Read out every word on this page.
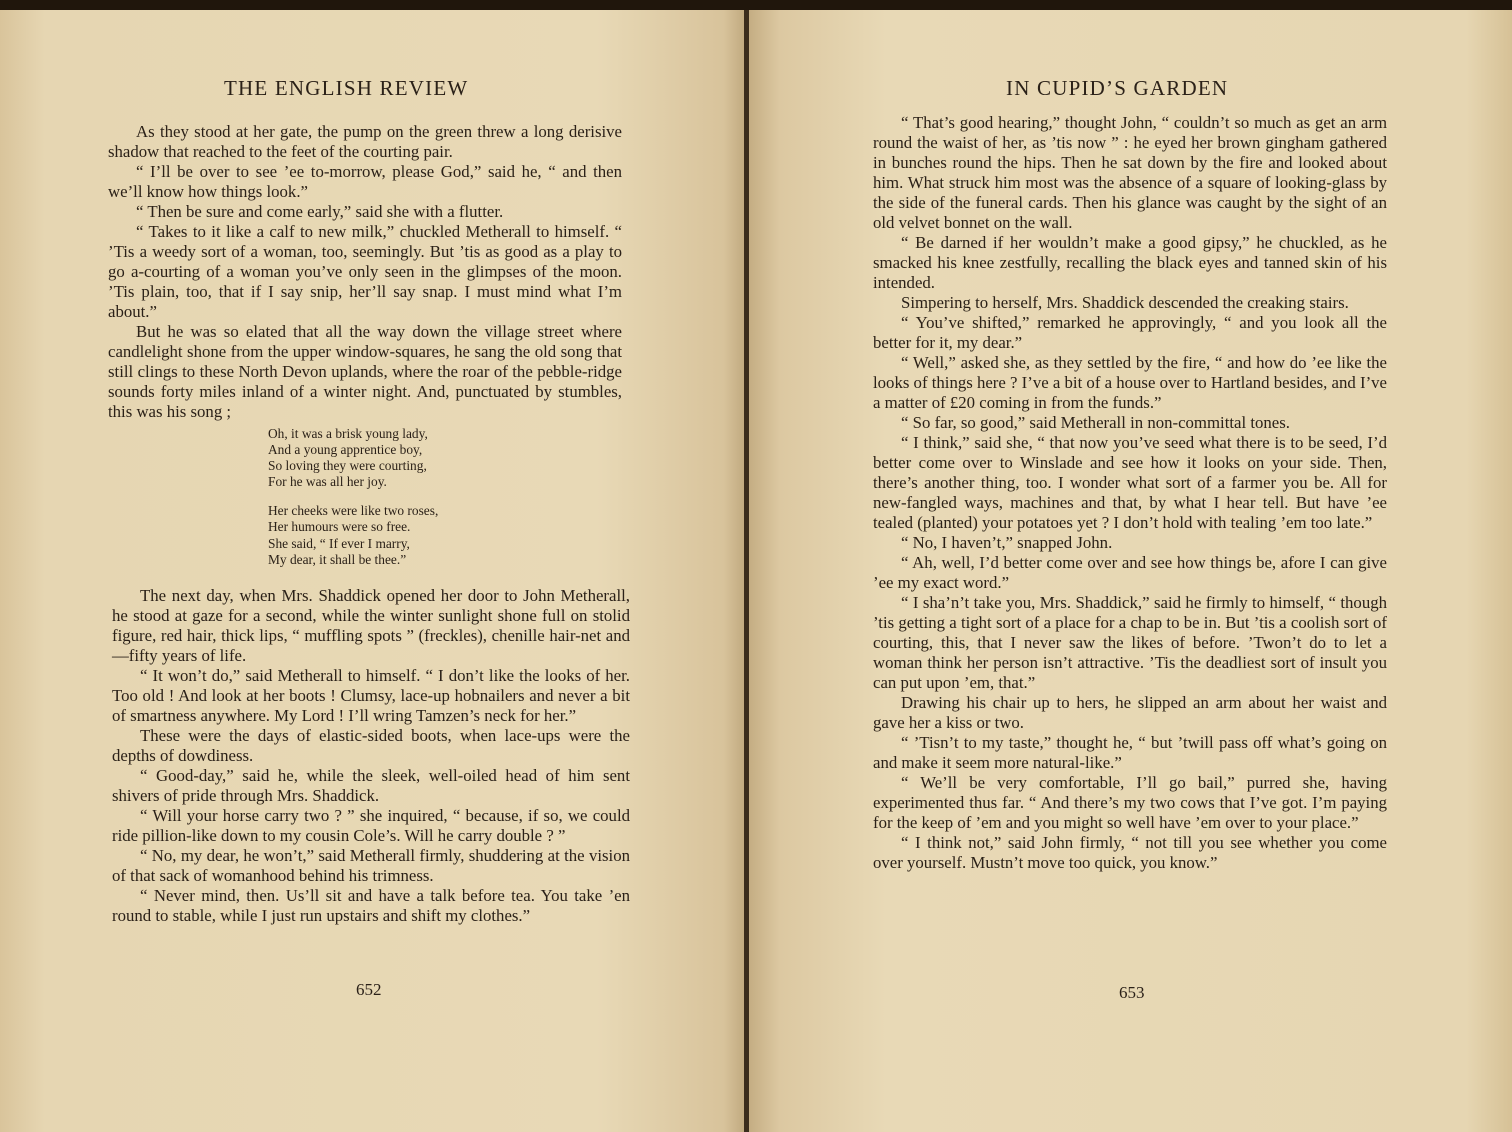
THE ENGLISH REVIEW

As they stood at her gate, the pump on the green threw a long derisive shadow that reached to the feet of the courting pair.

“ I’ll be over to see ’ee to-morrow, please God,” said he, “ and then we’ll know how things look.”

“ Then be sure and come early,” said she with a flutter.

“ Takes to it like a calf to new milk,” chuckled Metherall to himself. “ ’Tis a weedy sort of a woman, too, seemingly. But ’tis as good as a play to go a-courting of a woman you’ve only seen in the glimpses of the moon. ’Tis plain, too, that if I say snip, her’ll say snap. I must mind what I’m about.”

But he was so elated that all the way down the village street where candlelight shone from the upper window-squares, he sang the old song that still clings to these North Devon uplands, where the roar of the pebble-ridge sounds forty miles inland of a winter night. And, punctuated by stumbles, this was his song ;

Oh, it was a brisk young lady,
And a young apprentice boy,
So loving they were courting,
For he was all her joy.
Her cheeks were like two roses,
Her humours were so free.
She said, “ If ever I marry,
My dear, it shall be thee.”

The next day, when Mrs. Shaddick opened her door to John Metherall, he stood at gaze for a second, while the winter sunlight shone full on stolid figure, red hair, thick lips, “ muffling spots ” (freckles), chenille hair-net and—fifty years of life.

“ It won’t do,” said Metherall to himself. “ I don’t like the looks of her. Too old ! And look at her boots ! Clumsy, lace-up hobnailers and never a bit of smartness anywhere. My Lord ! I’ll wring Tamzen’s neck for her.”

These were the days of elastic-sided boots, when lace-ups were the depths of dowdiness.

“ Good-day,” said he, while the sleek, well-oiled head of him sent shivers of pride through Mrs. Shaddick.

“ Will your horse carry two ? ” she inquired, “ because, if so, we could ride pillion-like down to my cousin Cole’s. Will he carry double ? ”

“ No, my dear, he won’t,” said Metherall firmly, shuddering at the vision of that sack of womanhood behind his trimness.

“ Never mind, then. Us’ll sit and have a talk before tea. You take ’en round to stable, while I just run upstairs and shift my clothes.”

652
IN CUPID’S GARDEN

“ That’s good hearing,” thought John, “ couldn’t so much as get an arm round the waist of her, as ’tis now ” : he eyed her brown gingham gathered in bunches round the hips. Then he sat down by the fire and looked about him. What struck him most was the absence of a square of looking-glass by the side of the funeral cards. Then his glance was caught by the sight of an old velvet bonnet on the wall.

“ Be darned if her wouldn’t make a good gipsy,” he chuckled, as he smacked his knee zestfully, recalling the black eyes and tanned skin of his intended.

Simpering to herself, Mrs. Shaddick descended the creaking stairs.

“ You’ve shifted,” remarked he approvingly, “ and you look all the better for it, my dear.”

“ Well,” asked she, as they settled by the fire, “ and how do ’ee like the looks of things here ? I’ve a bit of a house over to Hartland besides, and I’ve a matter of £20 coming in from the funds.”

“ So far, so good,” said Metherall in non-committal tones.

“ I think,” said she, “ that now you’ve seed what there is to be seed, I’d better come over to Winslade and see how it looks on your side. Then, there’s another thing, too. I wonder what sort of a farmer you be. All for new-fangled ways, machines and that, by what I hear tell. But have ’ee tealed (planted) your potatoes yet ? I don’t hold with tealing ’em too late.”

“ No, I haven’t,” snapped John.

“ Ah, well, I’d better come over and see how things be, afore I can give ’ee my exact word.”

“ I sha’n’t take you, Mrs. Shaddick,” said he firmly to himself, “ though ’tis getting a tight sort of a place for a chap to be in. But ’tis a coolish sort of courting, this, that I never saw the likes of before. ’Twon’t do to let a woman think her person isn’t attractive. ’Tis the deadliest sort of insult you can put upon ’em, that.”

Drawing his chair up to hers, he slipped an arm about her waist and gave her a kiss or two.

“ ’Tisn’t to my taste,” thought he, “ but ’twill pass off what’s going on and make it seem more natural-like.”

“ We’ll be very comfortable, I’ll go bail,” purred she, having experimented thus far. “ And there’s my two cows that I’ve got. I’m paying for the keep of ’em and you might so well have ’em over to your place.”

“ I think not,” said John firmly, “ not till you see whether you come over yourself. Mustn’t move too quick, you know.”

653
